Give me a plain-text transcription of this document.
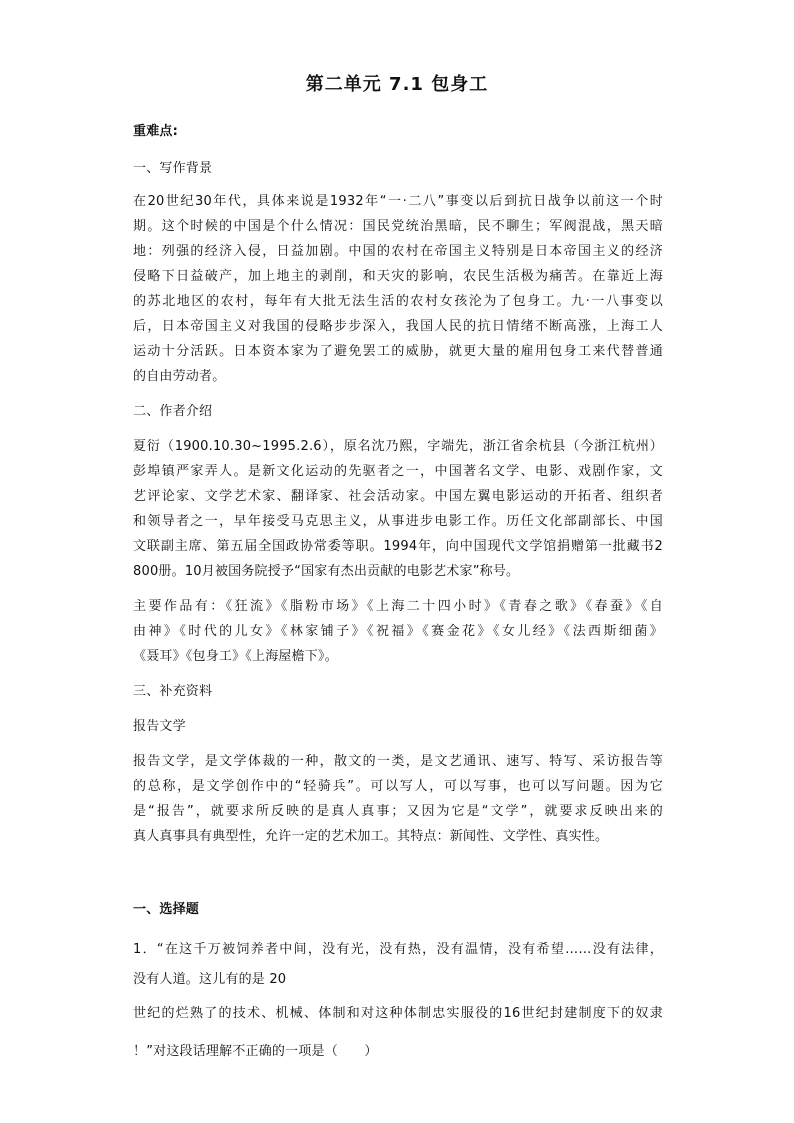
第二单元 7.1 包身工
重难点:
一、写作背景
在20世纪30年代，具体来说是1932年“一·二八”事变以后到抗日战争以前这一个时
期。这个时候的中国是个什么情况：国民党统治黑暗，民不聊生；军阀混战，黑天暗
地：列强的经济入侵，日益加剧。中国的农村在帝国主义特别是日本帝国主义的经济
侵略下日益破产，加上地主的剥削，和天灾的影响，农民生活极为痛苦。在靠近上海
的苏北地区的农村，每年有大批无法生活的农村女孩沦为了包身工。九·一八事变以
后，日本帝国主义对我国的侵略步步深入，我国人民的抗日情绪不断高涨，上海工人
运动十分活跃。日本资本家为了避免罢工的威胁，就更大量的雇用包身工来代替普通
的自由劳动者。
二、作者介绍
夏衍（1900.10.30~1995.2.6），原名沈乃熙，字端先，浙江省余杭县（今浙江杭州）
彭埠镇严家弄人。是新文化运动的先驱者之一，中国著名文学、电影、戏剧作家，文
艺评论家、文学艺术家、翻译家、社会活动家。中国左翼电影运动的开拓者、组织者
和领导者之一，早年接受马克思主义，从事进步电影工作。历任文化部副部长、中国
文联副主席、第五届全国政协常委等职。1994年，向中国现代文学馆捐赠第一批藏书2
800册。10月被国务院授予“国家有杰出贡献的电影艺术家”称号。
主要作品有：《狂流》《脂粉市场》《上海二十四小时》《青春之歌》《春蚕》《自
由神》《时代的儿女》《林家铺子》《祝福》《赛金花》《女儿经》《法西斯细菌》
《聂耳》《包身工》《上海屋檐下》。
三、补充资料
报告文学
报告文学，是文学体裁的一种，散文的一类，是文艺通讯、速写、特写、采访报告等
的总称，是文学创作中的“轻骑兵”。可以写人，可以写事，也可以写问题。因为它
是“报告”，就要求所反映的是真人真事；又因为它是“文学”，就要求反映出来的
真人真事具有典型性，允许一定的艺术加工。其特点：新闻性、文学性、真实性。
一、选择题
1．“在这千万被饲养者中间，没有光，没有热，没有温情，没有希望……没有法律，
没有人道。这儿有的是 20
世纪的烂熟了的技术、机械、体制和对这种体制忠实服役的16世纪封建制度下的奴隶
！”对这段话理解不正确的一项是（　　）
